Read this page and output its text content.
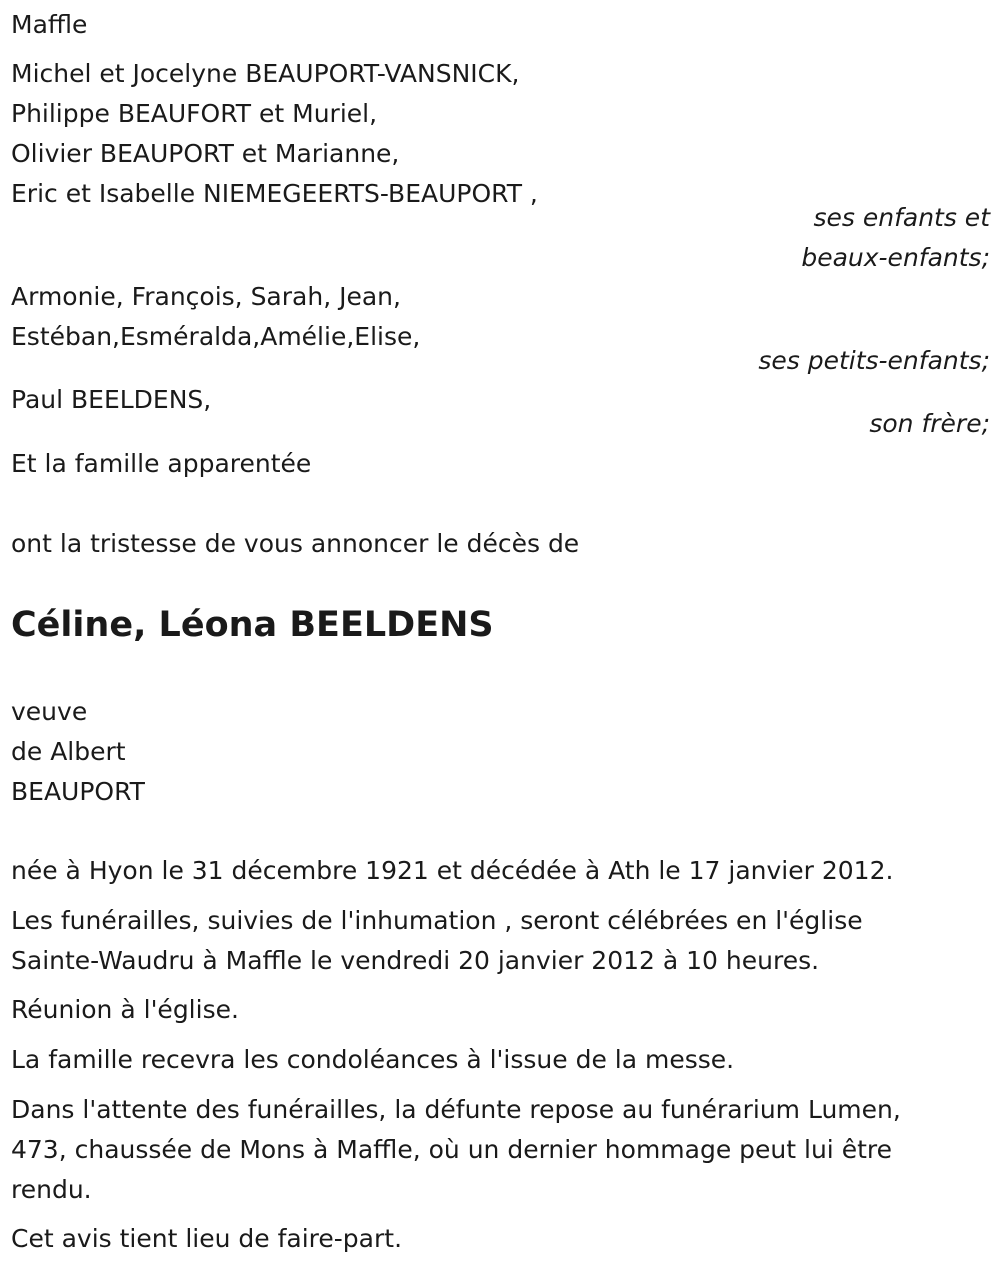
Maffle
Michel et Jocelyne BEAUPORT-VANSNICK,
Philippe BEAUFORT et Muriel,
Olivier BEAUPORT et Marianne,
Eric et Isabelle NIEMEGEERTS-BEAUPORT ,
ses enfants et
beaux-enfants;
Armonie, François, Sarah, Jean,
Estéban,Esméralda,Amélie,Elise,
ses petits-enfants;
Paul BEELDENS,
son frère;
Et la famille apparentée
ont la tristesse de vous annoncer le décès de
Céline, Léona BEELDENS
veuve
de Albert
BEAUPORT
née à Hyon le 31 décembre 1921 et décédée à Ath le 17 janvier 2012.
Les funérailles, suivies de l'inhumation , seront célébrées en l'église
Sainte-Waudru à Maffle le vendredi 20 janvier 2012 à 10 heures.
Réunion à l'église.
La famille recevra les condoléances à l'issue de la messe.
Dans l'attente des funérailles, la défunte repose au funérarium Lumen,
473, chaussée de Mons à Maffle, où un dernier hommage peut lui être
rendu.
Cet avis tient lieu de faire-part.
